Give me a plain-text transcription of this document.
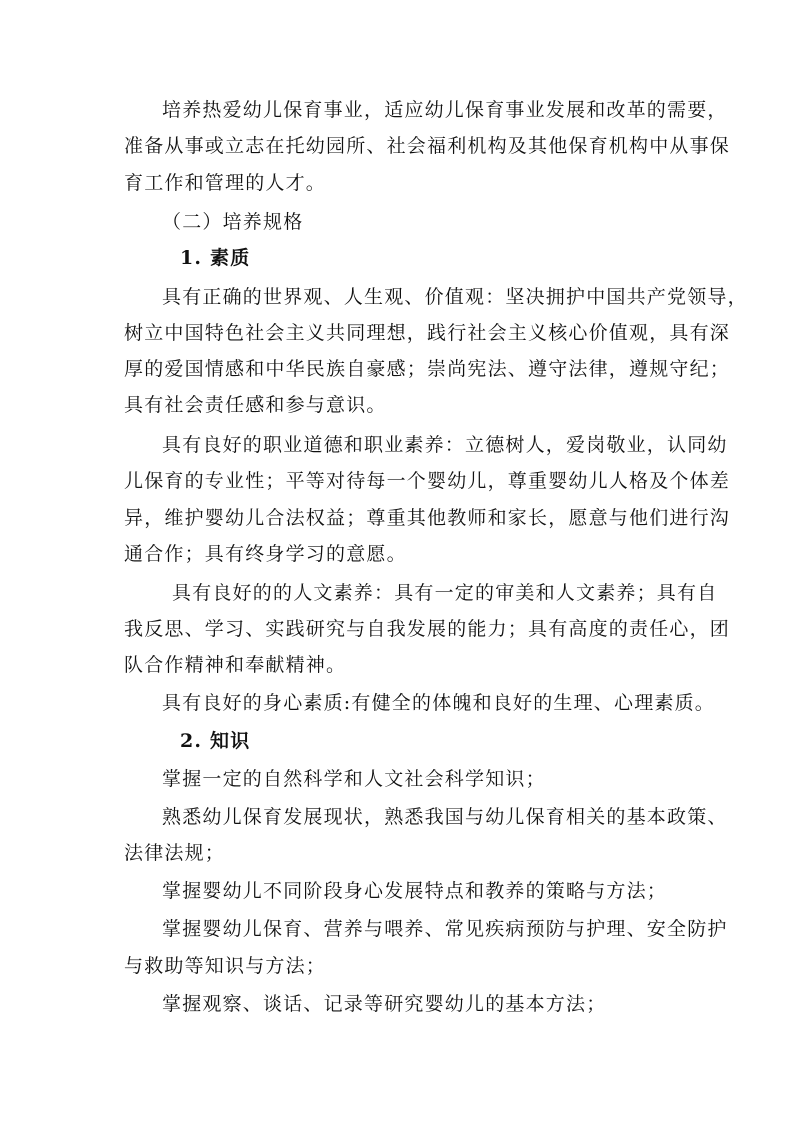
培养热爱幼儿保育事业，适应幼儿保育事业发展和改革的需要，
准备从事或立志在托幼园所、社会福利机构及其他保育机构中从事保
育工作和管理的人才。
（二）培养规格
1. 素质
具有正确的世界观、人生观、价值观：坚决拥护中国共产党领导，
树立中国特色社会主义共同理想，践行社会主义核心价值观，具有深
厚的爱国情感和中华民族自豪感；崇尚宪法、遵守法律，遵规守纪；
具有社会责任感和参与意识。
具有良好的职业道德和职业素养：立德树人，爱岗敬业，认同幼
儿保育的专业性；平等对待每一个婴幼儿，尊重婴幼儿人格及个体差
异，维护婴幼儿合法权益；尊重其他教师和家长，愿意与他们进行沟
通合作；具有终身学习的意愿。
具有良好的的人文素养：具有一定的审美和人文素养；具有自
我反思、学习、实践研究与自我发展的能力；具有高度的责任心，团
队合作精神和奉献精神。
具有良好的身心素质:有健全的体魄和良好的生理、心理素质。
2. 知识
掌握一定的自然科学和人文社会科学知识；
熟悉幼儿保育发展现状，熟悉我国与幼儿保育相关的基本政策、
法律法规；
掌握婴幼儿不同阶段身心发展特点和教养的策略与方法；
掌握婴幼儿保育、营养与喂养、常见疾病预防与护理、安全防护
与救助等知识与方法；
掌握观察、谈话、记录等研究婴幼儿的基本方法；
